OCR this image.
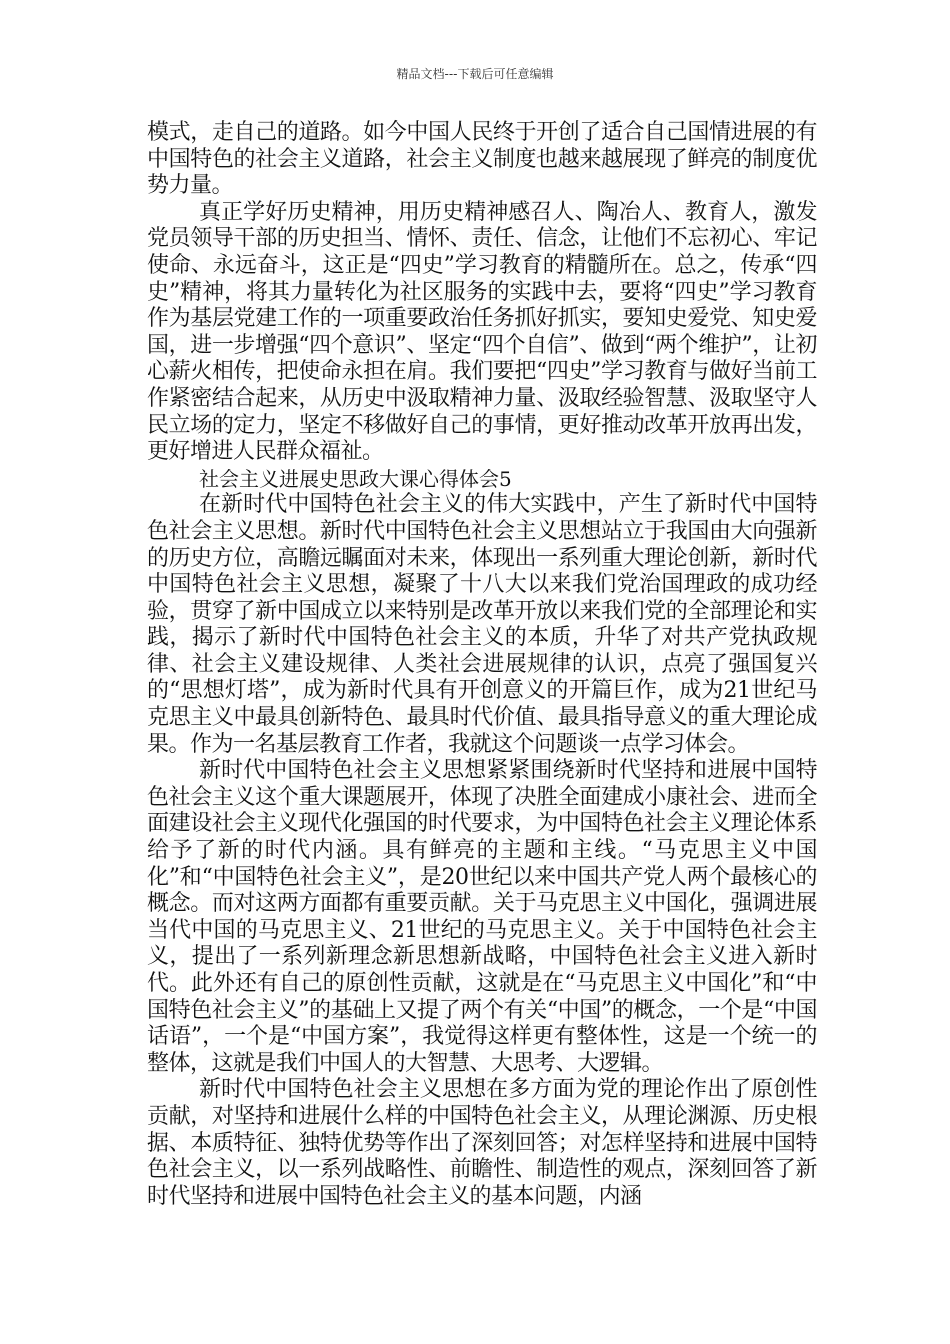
精品文档---下载后可任意编辑

模式，走自己的道路。如今中国人民终于开创了适合自己国情进展的有中国特色的社会主义道路，社会主义制度也越来越展现了鲜亮的制度优势力量。

真正学好历史精神，用历史精神感召人、陶冶人、教育人，激发党员领导干部的历史担当、情怀、责任、信念，让他们不忘初心、牢记使命、永远奋斗，这正是“四史”学习教育的精髓所在。总之，传承“四史”精神，将其力量转化为社区服务的实践中去，要将“四史”学习教育作为基层党建工作的一项重要政治任务抓好抓实，要知史爱党、知史爱国，进一步增强“四个意识”、坚定“四个自信”、做到“两个维护”，让初心薪火相传，把使命永担在肩。我们要把“四史”学习教育与做好当前工作紧密结合起来，从历史中汲取精神力量、汲取经验智慧、汲取坚守人民立场的定力，坚定不移做好自己的事情，更好推动改革开放再出发，更好增进人民群众福祉。

社会主义进展史思政大课心得体会5

在新时代中国特色社会主义的伟大实践中，产生了新时代中国特色社会主义思想。新时代中国特色社会主义思想站立于我国由大向强新的历史方位，高瞻远瞩面对未来，体现出一系列重大理论创新，新时代中国特色社会主义思想，凝聚了十八大以来我们党治国理政的成功经验，贯穿了新中国成立以来特别是改革开放以来我们党的全部理论和实践，揭示了新时代中国特色社会主义的本质，升华了对共产党执政规律、社会主义建设规律、人类社会进展规律的认识，点亮了强国复兴的“思想灯塔”，成为新时代具有开创意义的开篇巨作，成为21世纪马克思主义中最具创新特色、最具时代价值、最具指导意义的重大理论成果。作为一名基层教育工作者，我就这个问题谈一点学习体会。

新时代中国特色社会主义思想紧紧围绕新时代坚持和进展中国特色社会主义这个重大课题展开，体现了决胜全面建成小康社会、进而全面建设社会主义现代化强国的时代要求，为中国特色社会主义理论体系给予了新的时代内涵。具有鲜亮的主题和主线。“马克思主义中国化”和“中国特色社会主义”，是20世纪以来中国共产党人两个最核心的概念。而对这两方面都有重要贡献。关于马克思主义中国化，强调进展当代中国的马克思主义、21世纪的马克思主义。关于中国特色社会主义，提出了一系列新理念新思想新战略，中国特色社会主义进入新时代。此外还有自己的原创性贡献，这就是在“马克思主义中国化”和“中国特色社会主义”的基础上又提了两个有关“中国”的概念，一个是“中国话语”，一个是“中国方案”，我觉得这样更有整体性，这是一个统一的整体，这就是我们中国人的大智慧、大思考、大逻辑。

新时代中国特色社会主义思想在多方面为党的理论作出了原创性贡献，对坚持和进展什么样的中国特色社会主义，从理论渊源、历史根据、本质特征、独特优势等作出了深刻回答；对怎样坚持和进展中国特色社会主义，以一系列战略性、前瞻性、制造性的观点，深刻回答了新时代坚持和进展中国特色社会主义的基本问题，内涵
